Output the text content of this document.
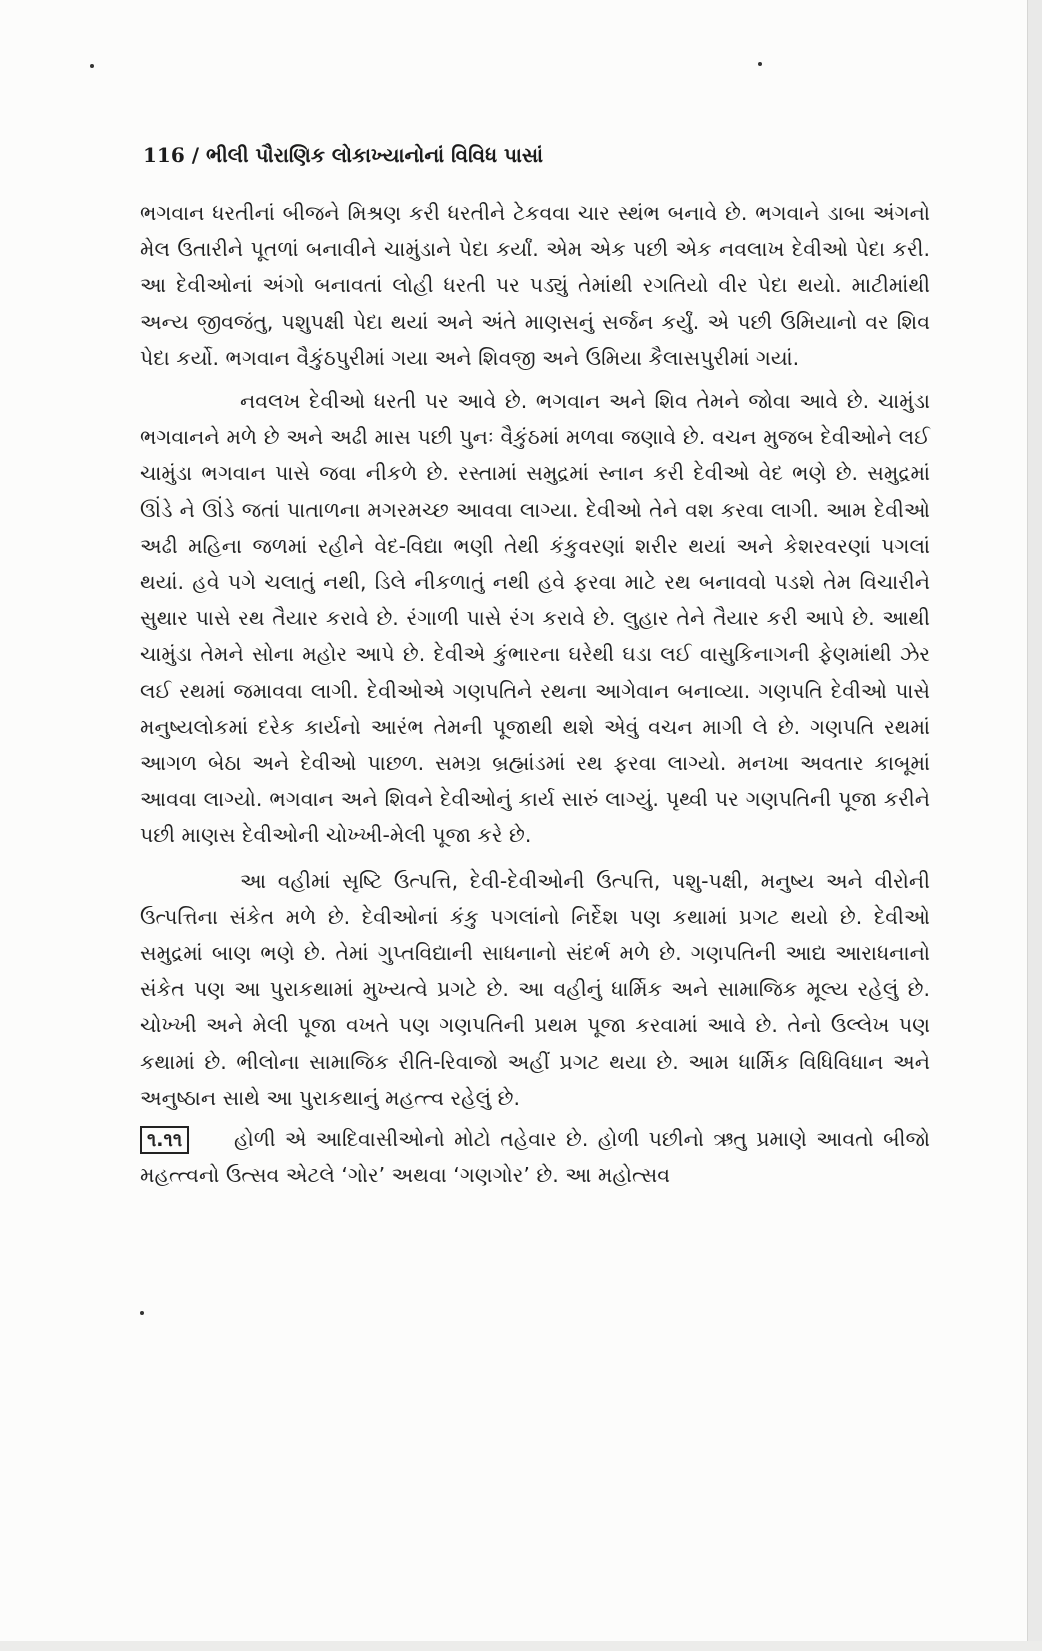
116 / ભીલી પૌરાણિક લોકાખ્યાનોનાં વિવિધ પાસાં
ભગવાન ધરતીનાં બીજને મિશ્રણ કરી ધરતીને ટેકવવા ચાર સ્થંભ બનાવે છે. ભગવાને ડાબા અંગનો મેલ ઉતારીને પૂતળાં બનાવીને ચામુંડાને પેદા કર્યાં. એમ એક પછી એક નવલાખ દેવીઓ પેદા કરી. આ દેવીઓનાં અંગો બનાવતાં લોહી ધરતી પર પડ્યું તેમાંથી રગતિયો વીર પેદા થયો. માટીમાંથી અન્ય જીવજંતુ, પશુપક્ષી પેદા થયાં અને અંતે માણસનું સર્જન કર્યું. એ પછી ઉમિયાનો વર શિવ પેદા કર્યો. ભગવાન વૈકુંઠપુરીમાં ગયા અને શિવજી અને ઉમિયા કૈલાસપુરીમાં ગયાં.
નવલખ દેવીઓ ધરતી પર આવે છે. ભગવાન અને શિવ તેમને જોવા આવે છે. ચામુંડા ભગવાનને મળે છે અને અઢી માસ પછી પુનઃ વૈકુંઠમાં મળવા જણાવે છે. વચન મુજબ દેવીઓને લઈ ચામુંડા ભગવાન પાસે જવા નીકળે છે. રસ્તામાં સમુદ્રમાં સ્નાન કરી દેવીઓ વેદ ભણે છે. સમુદ્રમાં ઊંડે ને ઊંડે જતાં પાતાળના મગરમચ્છ આવવા લાગ્યા. દેવીઓ તેને વશ કરવા લાગી. આમ દેવીઓ અઢી મહિના જળમાં રહીને વેદ-વિદ્યા ભણી તેથી કંકુવરણાં શરીર થયાં અને કેશરવરણાં પગલાં થયાં. હવે પગે ચલાતું નથી, ડિલે નીકળાતું નથી હવે ફરવા માટે રથ બનાવવો પડશે તેમ વિચારીને સુથાર પાસે રથ તૈયાર કરાવે છે. રંગાળી પાસે રંગ કરાવે છે. લુહાર તેને તૈયાર કરી આપે છે. આથી ચામુંડા તેમને સોના મહોર આપે છે. દેવીએ કુંભારના ઘરેથી ઘડા લઈ વાસુકિનાગની ફેણમાંથી ઝેર લઈ રથમાં જમાવવા લાગી. દેવીઓએ ગણપતિને રથના આગેવાન બનાવ્યા. ગણપતિ દેવીઓ પાસે મનુષ્યલોકમાં દરેક કાર્યનો આરંભ તેમની પૂજાથી થશે એવું વચન માગી લે છે. ગણપતિ રથમાં આગળ બેઠા અને દેવીઓ પાછળ. સમગ્ર બ્રહ્માંડમાં રથ ફરવા લાગ્યો. મનખા અવતાર કાબૂમાં આવવા લાગ્યો. ભગવાન અને શિવને દેવીઓનું કાર્ય સારું લાગ્યું. પૃથ્વી પર ગણપતિની પૂજા કરીને પછી માણસ દેવીઓની ચોખ્ખી-મેલી પૂજા કરે છે.
આ વહીમાં સૃષ્ટિ ઉત્પત્તિ, દેવી-દેવીઓની ઉત્પત્તિ, પશુ-પક્ષી, મનુષ્ય અને વીરોની ઉત્પત્તિના સંકેત મળે છે. દેવીઓનાં કંકુ પગલાંનો નિર્દેશ પણ કથામાં પ્રગટ થયો છે. દેવીઓ સમુદ્રમાં બાણ ભણે છે. તેમાં ગુપ્તવિદ્યાની સાધનાનો સંદર્ભ મળે છે. ગણપતિની આદ્ય આરાધનાનો સંકેત પણ આ પુરાકથામાં મુખ્યત્વે પ્રગટે છે. આ વહીનું ધાર્મિક અને સામાજિક મૂલ્ય રહેલું છે. ચોખ્ખી અને મેલી પૂજા વખતે પણ ગણપતિની પ્રથમ પૂજા કરવામાં આવે છે. તેનો ઉલ્લેખ પણ કથામાં છે. ભીલોના સામાજિક રીતિ-રિવાજો અહીં પ્રગટ થયા છે. આમ ધાર્મિક વિધિવિધાન અને અનુષ્ઠાન સાથે આ પુરાકથાનું મહત્ત્વ રહેલું છે.
૧.૧૧	હોળી એ આદિવાસીઓનો મોટો તહેવાર છે. હોળી પછીનો ઋતુ પ્રમાણે આવતો બીજો મહત્ત્વનો ઉત્સવ એટલે ‘ગોર’ અથવા ‘ગણગોર’ છે. આ મહોત્સવ
